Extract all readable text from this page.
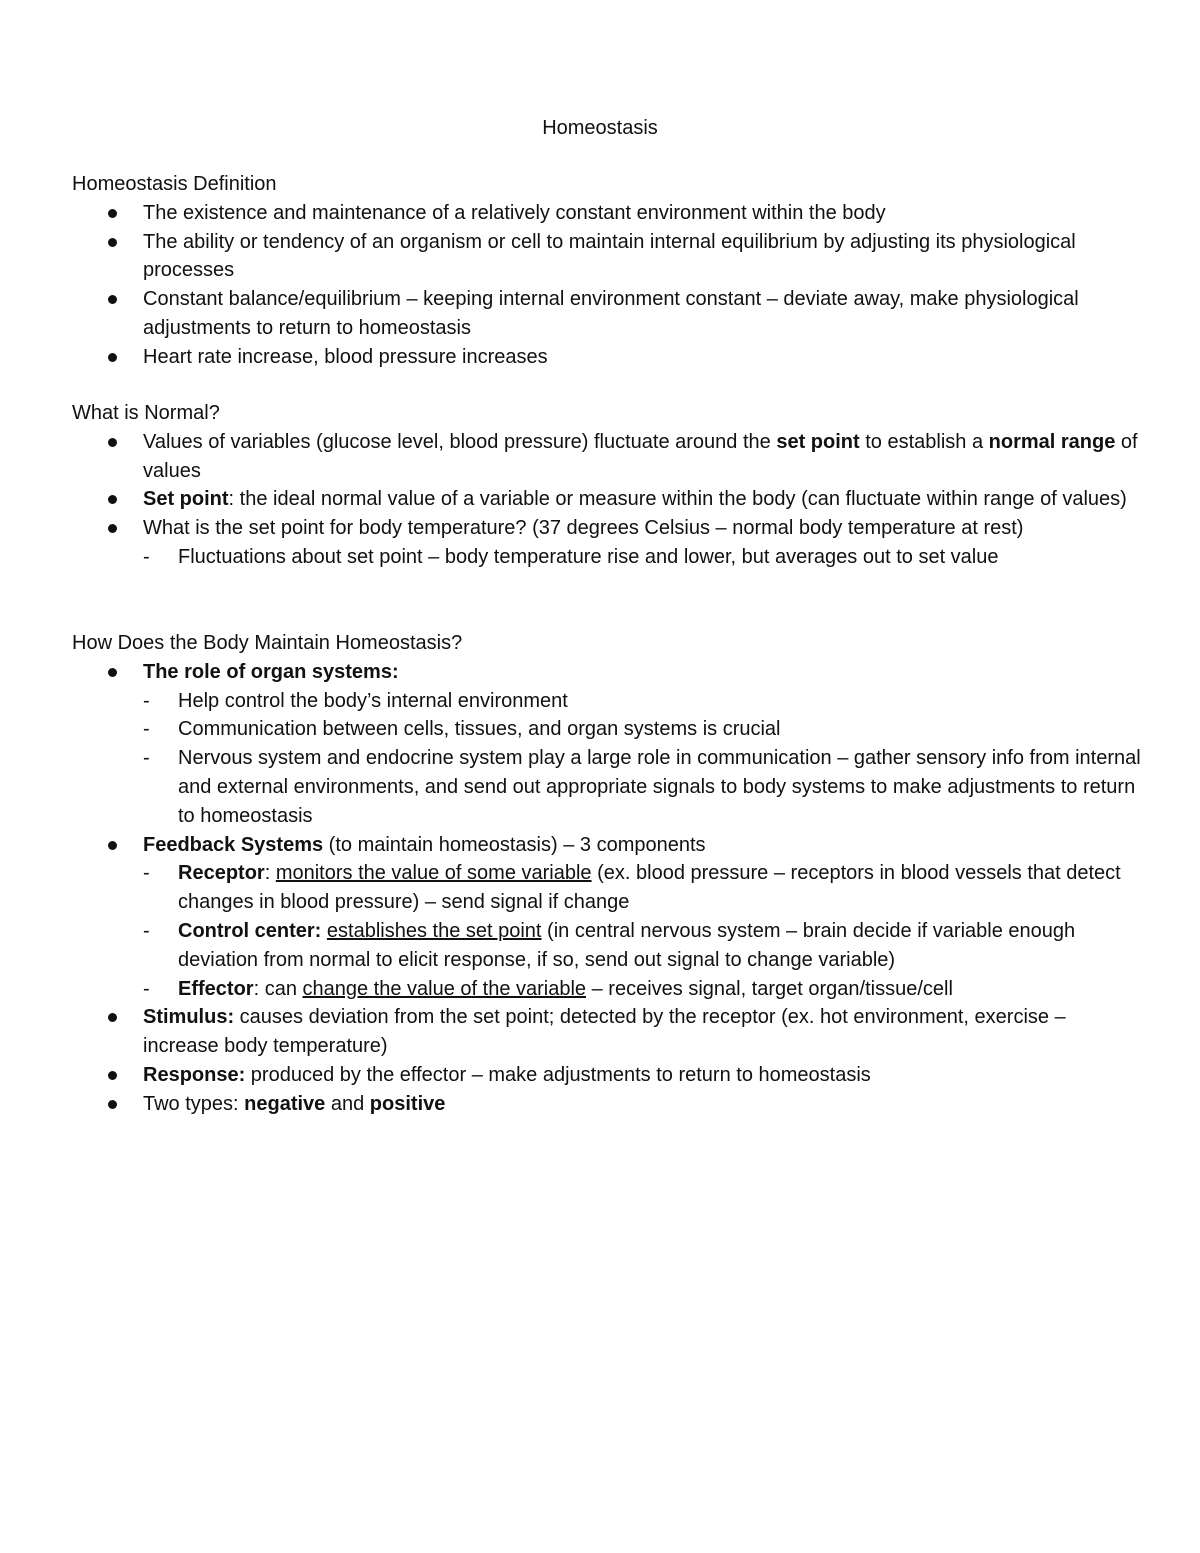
Homeostasis
Homeostasis Definition
The existence and maintenance of a relatively constant environment within the body
The ability or tendency of an organism or cell to maintain internal equilibrium by adjusting its physiological processes
Constant balance/equilibrium – keeping internal environment constant – deviate away, make physiological adjustments to return to homeostasis
Heart rate increase, blood pressure increases
What is Normal?
Values of variables (glucose level, blood pressure) fluctuate around the set point to establish a normal range of values
Set point: the ideal normal value of a variable or measure within the body (can fluctuate within range of values)
What is the set point for body temperature? (37 degrees Celsius – normal body temperature at rest)
- Fluctuations about set point – body temperature rise and lower, but averages out to set value
How Does the Body Maintain Homeostasis?
The role of organ systems:
- Help control the body’s internal environment
- Communication between cells, tissues, and organ systems is crucial
- Nervous system and endocrine system play a large role in communication – gather sensory info from internal and external environments, and send out appropriate signals to body systems to make adjustments to return to homeostasis
Feedback Systems (to maintain homeostasis) – 3 components
- Receptor: monitors the value of some variable (ex. blood pressure – receptors in blood vessels that detect changes in blood pressure) – send signal if change
- Control center: establishes the set point (in central nervous system – brain decide if variable enough deviation from normal to elicit response, if so, send out signal to change variable)
- Effector: can change the value of the variable – receives signal, target organ/tissue/cell
Stimulus: causes deviation from the set point; detected by the receptor (ex. hot environment, exercise – increase body temperature)
Response: produced by the effector – make adjustments to return to homeostasis
Two types: negative and positive
